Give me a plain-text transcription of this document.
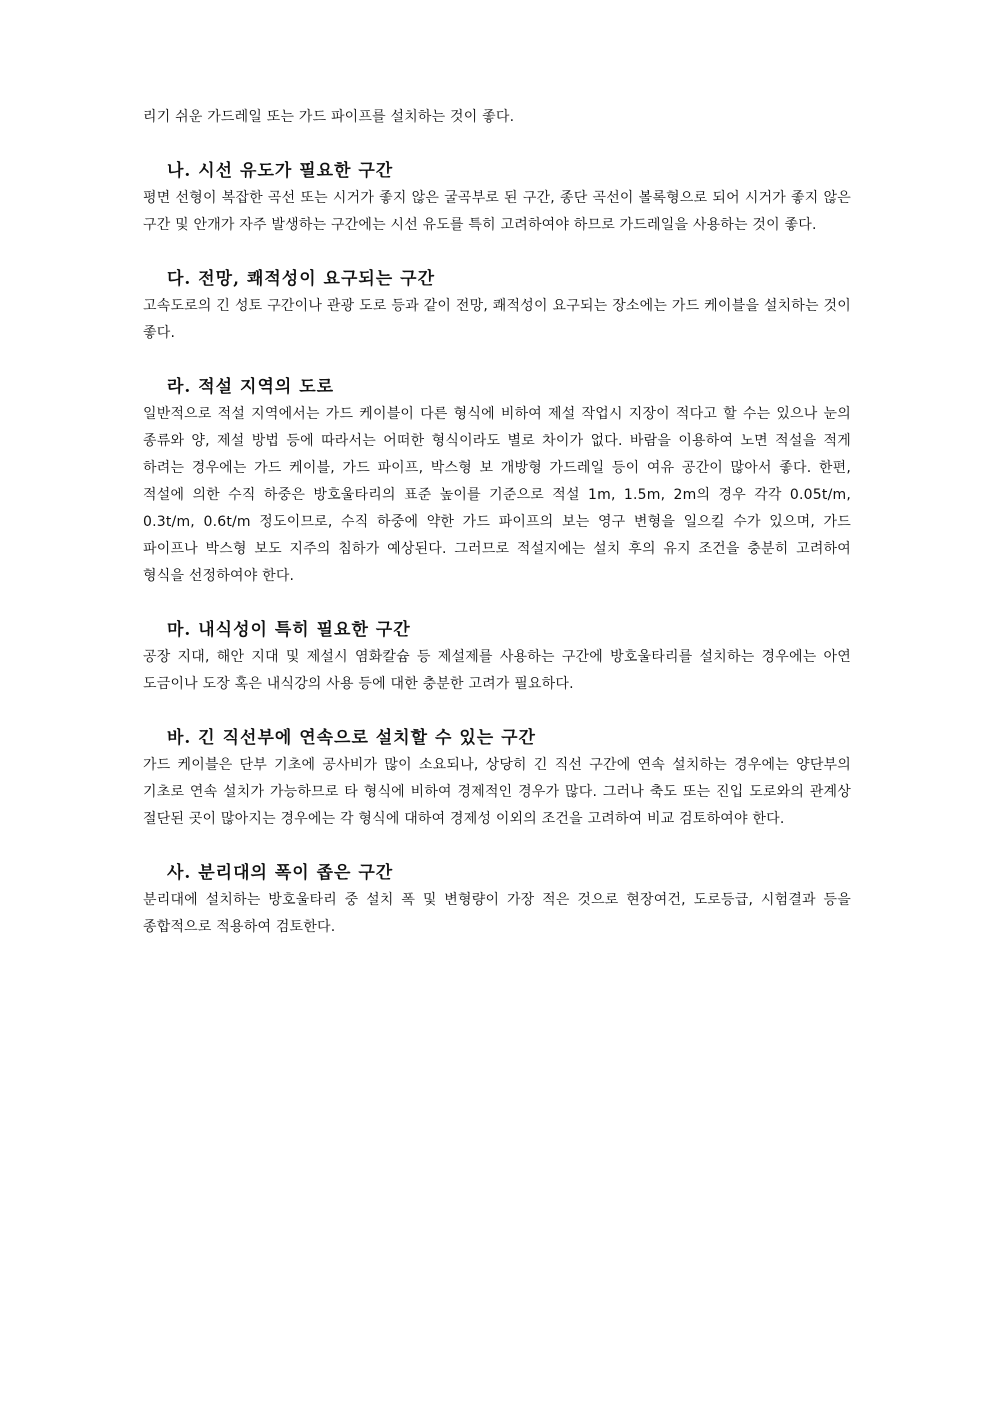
리기 쉬운 가드레일 또는 가드 파이프를 설치하는 것이 좋다.

나. 시선 유도가 필요한 구간

평면 선형이 복잡한 곡선 또는 시거가 좋지 않은 굴곡부로 된 구간, 종단 곡선이 볼록형으로 되어 시거가 좋지 않은 구간 및 안개가 자주 발생하는 구간에는 시선 유도를 특히 고려하여야 하므로 가드레일을 사용하는 것이 좋다.

다. 전망, 쾌적성이 요구되는 구간

고속도로의 긴 성토 구간이나 관광 도로 등과 같이 전망, 쾌적성이 요구되는 장소에는 가드 케이블을 설치하는 것이 좋다.

라. 적설 지역의 도로

일반적으로 적설 지역에서는 가드 케이블이 다른 형식에 비하여 제설 작업시 지장이 적다고 할 수는 있으나 눈의 종류와 양, 제설 방법 등에 따라서는 어떠한 형식이라도 별로 차이가 없다. 바람을 이용하여 노면 적설을 적게 하려는 경우에는 가드 케이블, 가드 파이프, 박스형 보 개방형 가드레일 등이 여유 공간이 많아서 좋다. 한편, 적설에 의한 수직 하중은 방호울타리의 표준 높이를 기준으로 적설 1m, 1.5m, 2m의 경우 각각 0.05t/m, 0.3t/m, 0.6t/m 정도이므로, 수직 하중에 약한 가드 파이프의 보는 영구 변형을 일으킬 수가 있으며, 가드 파이프나 박스형 보도 지주의 침하가 예상된다. 그러므로 적설지에는 설치 후의 유지 조건을 충분히 고려하여 형식을 선정하여야 한다.

마. 내식성이 특히 필요한 구간

공장 지대, 해안 지대 및 제설시 염화칼슘 등 제설제를 사용하는 구간에 방호울타리를 설치하는 경우에는 아연 도금이나 도장 혹은 내식강의 사용 등에 대한 충분한 고려가 필요하다.

바. 긴 직선부에 연속으로 설치할 수 있는 구간

가드 케이블은 단부 기초에 공사비가 많이 소요되나, 상당히 긴 직선 구간에 연속 설치하는 경우에는 양단부의 기초로 연속 설치가 가능하므로 타 형식에 비하여 경제적인 경우가 많다. 그러나 축도 또는 진입 도로와의 관계상 절단된 곳이 많아지는 경우에는 각 형식에 대하여 경제성 이외의 조건을 고려하여 비교 검토하여야 한다.

사. 분리대의 폭이 좁은 구간

분리대에 설치하는 방호울타리 중 설치 폭 및 변형량이 가장 적은 것으로 현장여건, 도로등급, 시험결과 등을 종합적으로 적용하여 검토한다.
